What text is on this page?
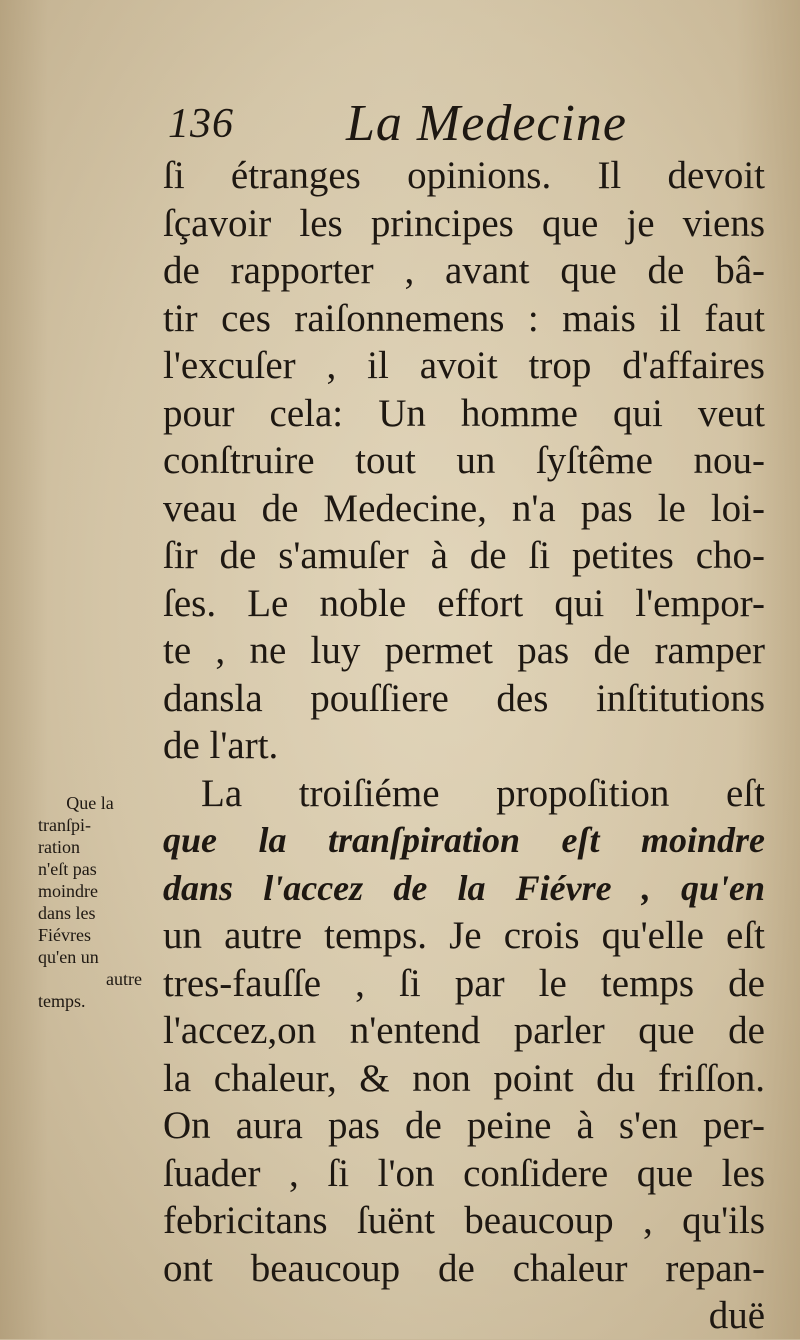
136 La Medecine
ſi étranges opinions. Il devoit
ſçavoir les principes que je viens
de rapporter , avant que de bâ-
tir ces raiſonnemens : mais il faut
l'excuſer , il avoit trop d'affaires
pour cela: Un homme qui veut
conſtruire tout un ſyſtême nou-
veau de Medecine, n'a pas le loi-
ſir de s'amuſer à de ſi petites cho-
ſes. Le noble effort qui l'empor-
te , ne luy permet pas de ramper
dansla pouſſiere des inſtitutions
de l'art.
La troiſiéme propoſition eſt
que la tranſpiration eſt moindre
dans l'accez de la Fiévre , qu'en
un autre temps. Je crois qu'elle eſt
tres-fauſſe , ſi par le temps de
l'accez,on n'entend parler que de
la chaleur, & non point du friſſon.
On aura pas de peine à s'en per-
ſuader , ſi l'on conſidere que les
febricitans ſuënt beaucoup , qu'ils
ont beaucoup de chaleur repan-
duë
Que la
tranſpi-
ration
n'eſt pas
moindre
dans les
Fiévres
qu'en un
autre
temps.
